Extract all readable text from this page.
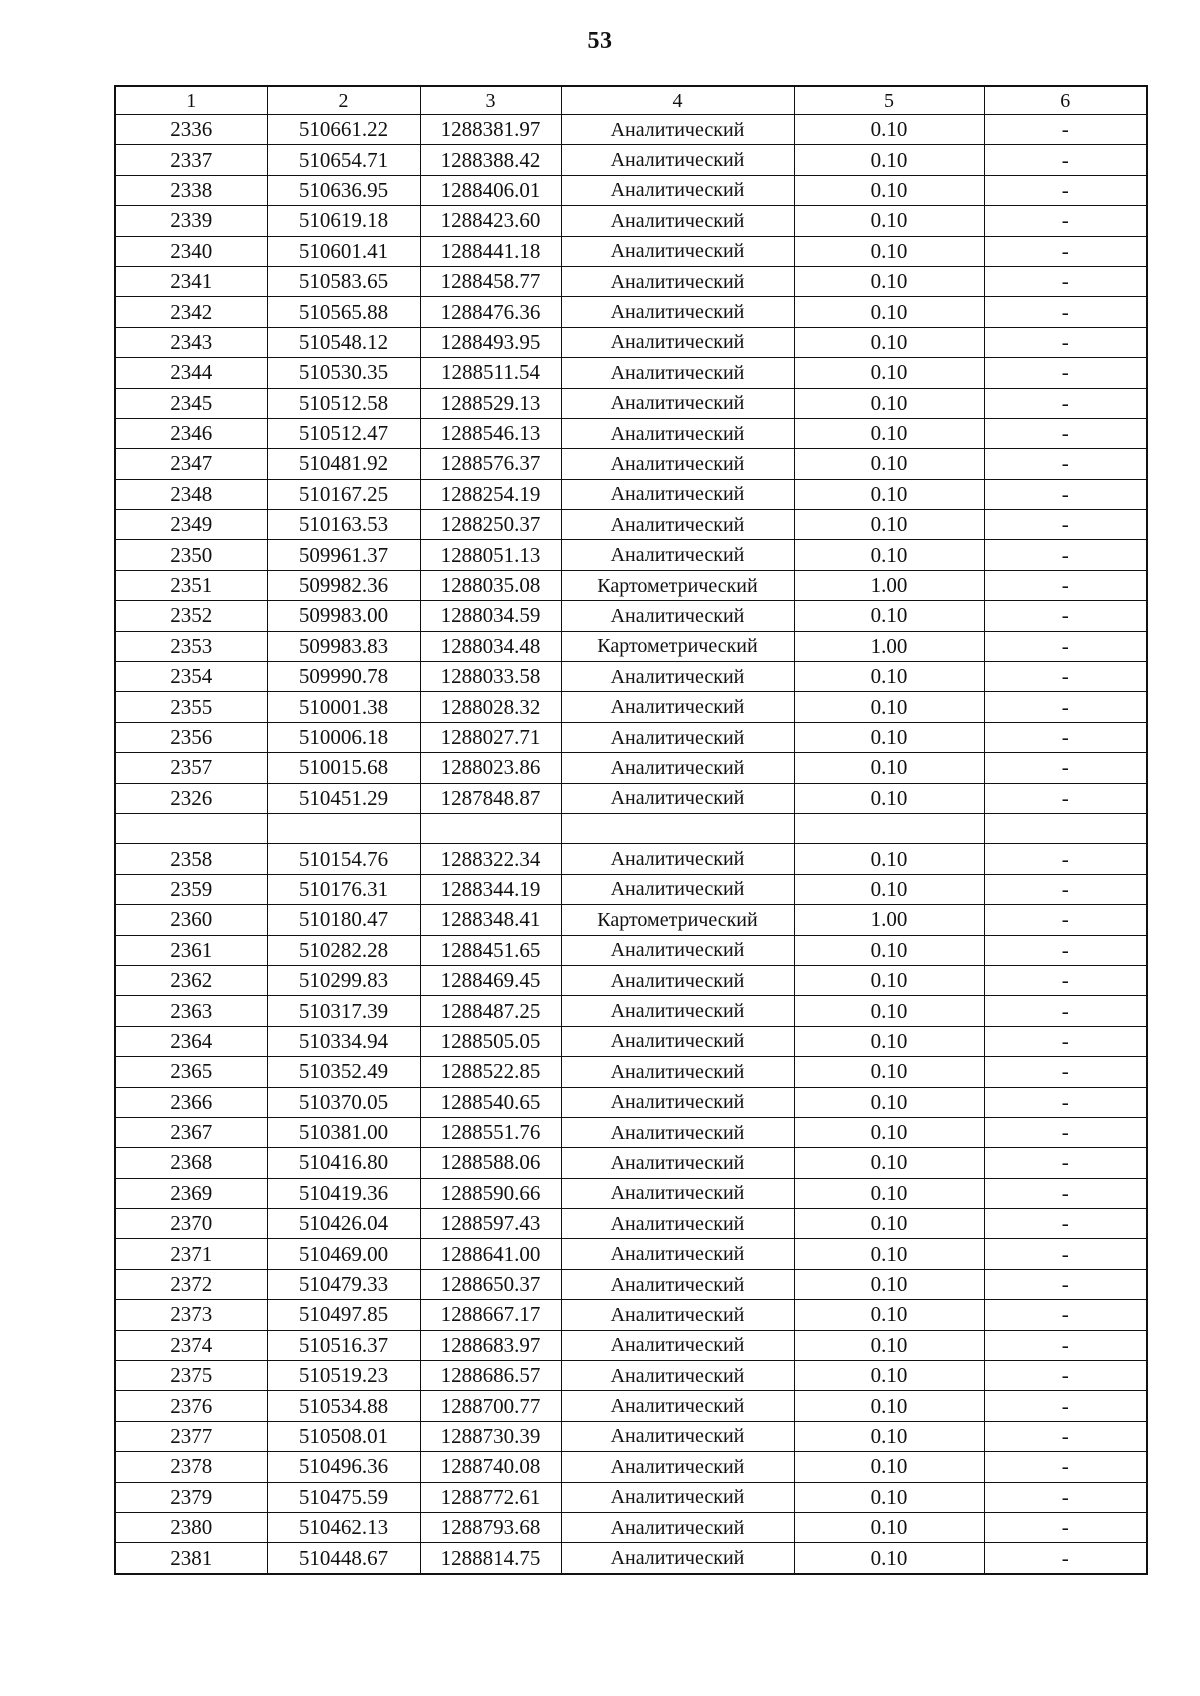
53
1	2	3	4	5	6
2336	510661.22	1288381.97	Аналитический	0.10	-
2337	510654.71	1288388.42	Аналитический	0.10	-
2338	510636.95	1288406.01	Аналитический	0.10	-
2339	510619.18	1288423.60	Аналитический	0.10	-
2340	510601.41	1288441.18	Аналитический	0.10	-
2341	510583.65	1288458.77	Аналитический	0.10	-
2342	510565.88	1288476.36	Аналитический	0.10	-
2343	510548.12	1288493.95	Аналитический	0.10	-
2344	510530.35	1288511.54	Аналитический	0.10	-
2345	510512.58	1288529.13	Аналитический	0.10	-
2346	510512.47	1288546.13	Аналитический	0.10	-
2347	510481.92	1288576.37	Аналитический	0.10	-
2348	510167.25	1288254.19	Аналитический	0.10	-
2349	510163.53	1288250.37	Аналитический	0.10	-
2350	509961.37	1288051.13	Аналитический	0.10	-
2351	509982.36	1288035.08	Картометрический	1.00	-
2352	509983.00	1288034.59	Аналитический	0.10	-
2353	509983.83	1288034.48	Картометрический	1.00	-
2354	509990.78	1288033.58	Аналитический	0.10	-
2355	510001.38	1288028.32	Аналитический	0.10	-
2356	510006.18	1288027.71	Аналитический	0.10	-
2357	510015.68	1288023.86	Аналитический	0.10	-
2326	510451.29	1287848.87	Аналитический	0.10	-

2358	510154.76	1288322.34	Аналитический	0.10	-
2359	510176.31	1288344.19	Аналитический	0.10	-
2360	510180.47	1288348.41	Картометрический	1.00	-
2361	510282.28	1288451.65	Аналитический	0.10	-
2362	510299.83	1288469.45	Аналитический	0.10	-
2363	510317.39	1288487.25	Аналитический	0.10	-
2364	510334.94	1288505.05	Аналитический	0.10	-
2365	510352.49	1288522.85	Аналитический	0.10	-
2366	510370.05	1288540.65	Аналитический	0.10	-
2367	510381.00	1288551.76	Аналитический	0.10	-
2368	510416.80	1288588.06	Аналитический	0.10	-
2369	510419.36	1288590.66	Аналитический	0.10	-
2370	510426.04	1288597.43	Аналитический	0.10	-
2371	510469.00	1288641.00	Аналитический	0.10	-
2372	510479.33	1288650.37	Аналитический	0.10	-
2373	510497.85	1288667.17	Аналитический	0.10	-
2374	510516.37	1288683.97	Аналитический	0.10	-
2375	510519.23	1288686.57	Аналитический	0.10	-
2376	510534.88	1288700.77	Аналитический	0.10	-
2377	510508.01	1288730.39	Аналитический	0.10	-
2378	510496.36	1288740.08	Аналитический	0.10	-
2379	510475.59	1288772.61	Аналитический	0.10	-
2380	510462.13	1288793.68	Аналитический	0.10	-
2381	510448.67	1288814.75	Аналитический	0.10	-
